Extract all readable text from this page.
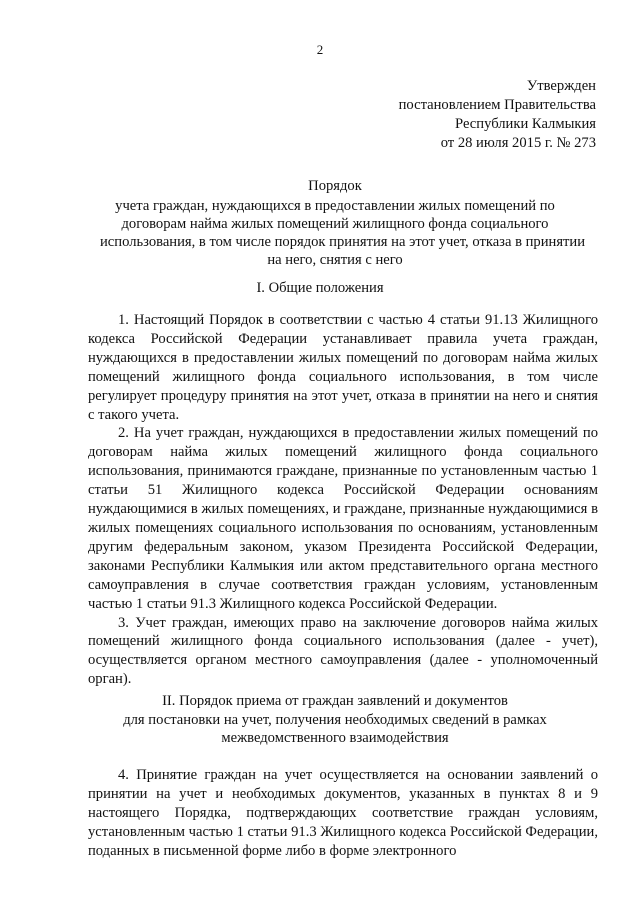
2
Утвержден
постановлением Правительства
Республики Калмыкия
от 28 июля 2015 г. № 273
Порядок
учета граждан, нуждающихся в предоставлении жилых помещений по
договорам найма жилых помещений жилищного фонда социального
использования, в том числе порядок принятия на этот учет, отказа в принятии
на него, снятия с него
I. Общие положения

1. Настоящий Порядок в соответствии с частью 4 статьи 91.13 Жилищного кодекса Российской Федерации устанавливает правила учета граждан, нуждающихся в предоставлении жилых помещений по договорам найма жилых помещений жилищного фонда социального использования, в том числе регулирует процедуру принятия на этот учет, отказа в принятии на него и снятия с такого учета.

2. На учет граждан, нуждающихся в предоставлении жилых помещений по договорам найма жилых помещений жилищного фонда социального использования, принимаются граждане, признанные по установленным частью 1 статьи 51 Жилищного кодекса Российской Федерации основаниям нуждающимися в жилых помещениях, и граждане, признанные нуждающимися в жилых помещениях социального использования по основаниям, установленным другим федеральным законом, указом Президента Российской Федерации, законами Республики Калмыкия или актом представительного органа местного самоуправления в случае соответствия граждан условиям, установленным частью 1 статьи 91.3 Жилищного кодекса Российской Федерации.

3. Учет граждан, имеющих право на заключение договоров найма жилых помещений жилищного фонда социального использования (далее - учет), осуществляется органом местного самоуправления (далее - уполномоченный орган).

II. Порядок приема от граждан заявлений и документов
для постановки на учет, получения необходимых сведений в рамках
межведомственного взаимодействия

4. Принятие граждан на учет осуществляется на основании заявлений о принятии на учет и необходимых документов, указанных в пунктах 8 и 9 настоящего Порядка, подтверждающих соответствие граждан условиям, установленным частью 1 статьи 91.3 Жилищного кодекса Российской Федерации, поданных в письменной форме либо в форме электронного
